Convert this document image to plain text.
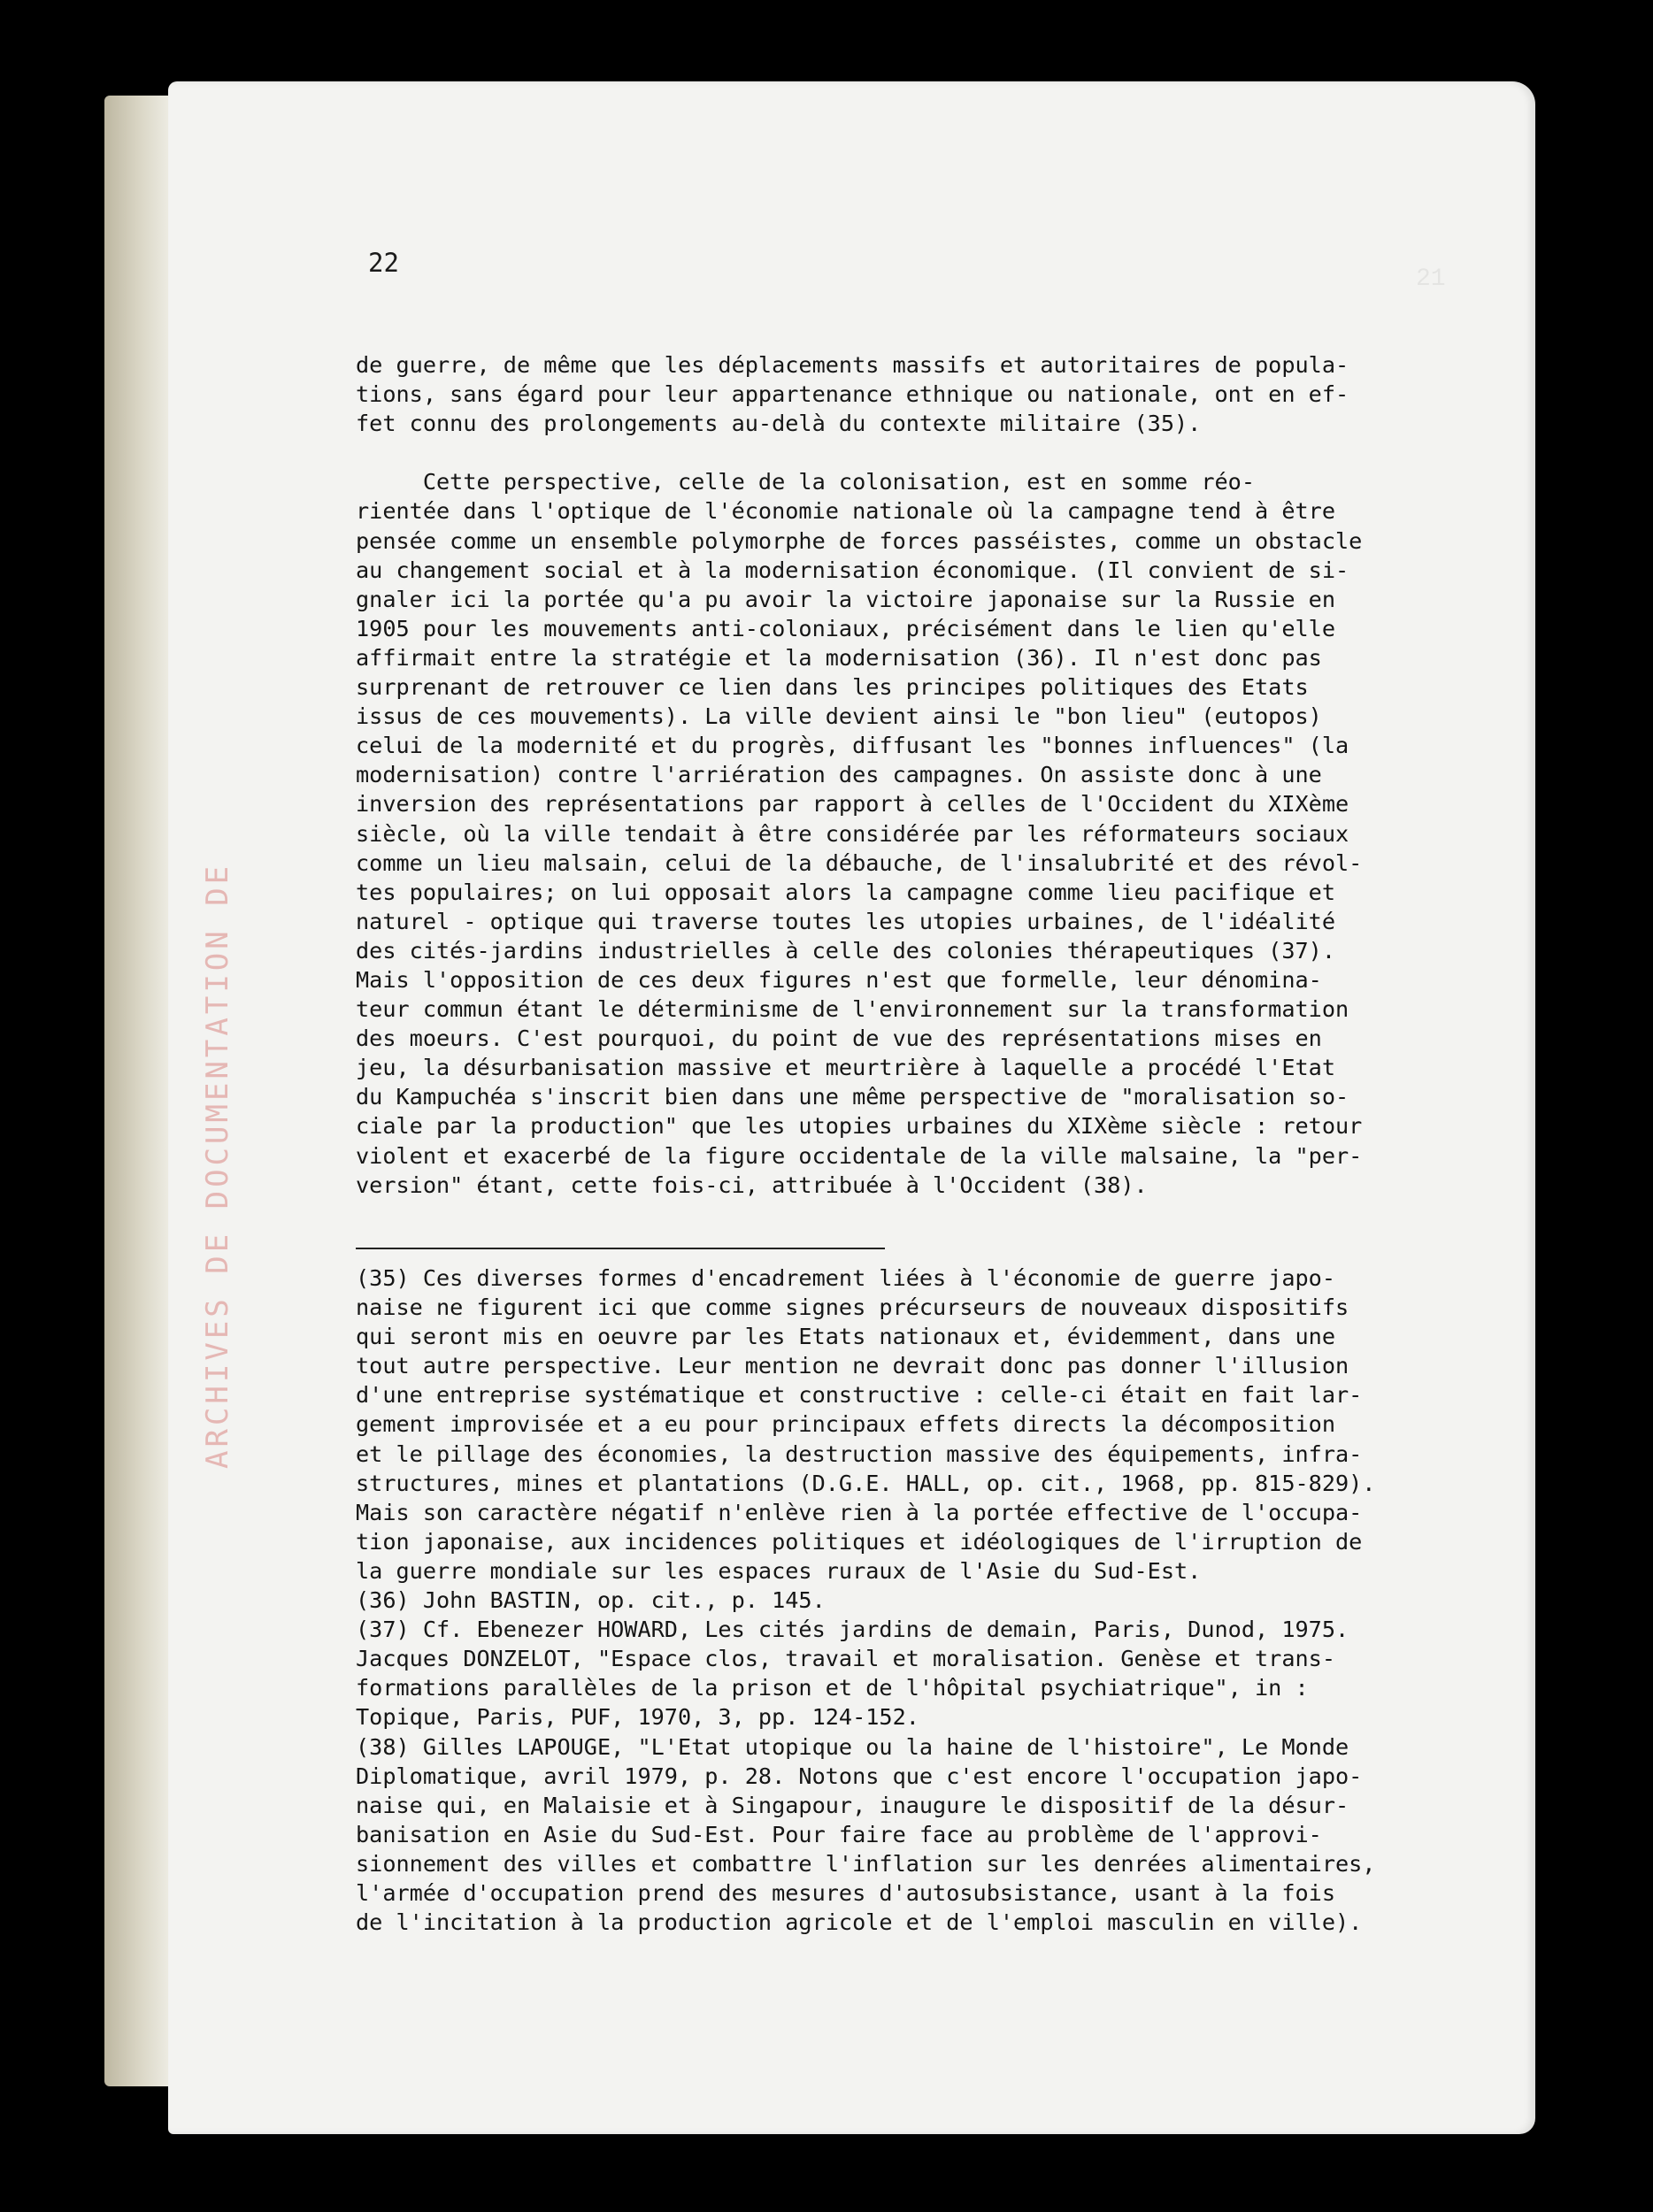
ARCHIVES DE DOCUMENTATION DE
21
22
de guerre, de même que les déplacements massifs et autoritaires de popula-
tions, sans égard pour leur appartenance ethnique ou nationale, ont en ef-
fet connu des prolongements au-delà du contexte militaire (35).

Cette perspective, celle de la colonisation, est en somme réo-
rientée dans l'optique de l'économie nationale où la campagne tend à être
pensée comme un ensemble polymorphe de forces passéistes, comme un obstacle
au changement social et à la modernisation économique. (Il convient de si-
gnaler ici la portée qu'a pu avoir la victoire japonaise sur la Russie en
1905 pour les mouvements anti-coloniaux, précisément dans le lien qu'elle
affirmait entre la stratégie et la modernisation (36). Il n'est donc pas
surprenant de retrouver ce lien dans les principes politiques des Etats
issus de ces mouvements). La ville devient ainsi le "bon lieu" (eutopos)
celui de la modernité et du progrès, diffusant les "bonnes influences" (la
modernisation) contre l'arriération des campagnes. On assiste donc à une
inversion des représentations par rapport à celles de l'Occident du XIXème
siècle, où la ville tendait à être considérée par les réformateurs sociaux
comme un lieu malsain, celui de la débauche, de l'insalubrité et des révol-
tes populaires; on lui opposait alors la campagne comme lieu pacifique et
naturel - optique qui traverse toutes les utopies urbaines, de l'idéalité
des cités-jardins industrielles à celle des colonies thérapeutiques (37).
Mais l'opposition de ces deux figures n'est que formelle, leur dénomina-
teur commun étant le déterminisme de l'environnement sur la transformation
des moeurs. C'est pourquoi, du point de vue des représentations mises en
jeu, la désurbanisation massive et meurtrière à laquelle a procédé l'Etat
du Kampuchéa s'inscrit bien dans une même perspective de "moralisation so-
ciale par la production" que les utopies urbaines du XIXème siècle : retour
violent et exacerbé de la figure occidentale de la ville malsaine, la "per-
version" étant, cette fois-ci, attribuée à l'Occident (38).
(35) Ces diverses formes d'encadrement liées à l'économie de guerre japo-
naise ne figurent ici que comme signes précurseurs de nouveaux dispositifs
qui seront mis en oeuvre par les Etats nationaux et, évidemment, dans une
tout autre perspective. Leur mention ne devrait donc pas donner l'illusion
d'une entreprise systématique et constructive : celle-ci était en fait lar-
gement improvisée et a eu pour principaux effets directs la décomposition
et le pillage des économies, la destruction massive des équipements, infra-
structures, mines et plantations (D.G.E. HALL, op. cit., 1968, pp. 815-829).
Mais son caractère négatif n'enlève rien à la portée effective de l'occupa-
tion japonaise, aux incidences politiques et idéologiques de l'irruption de
la guerre mondiale sur les espaces ruraux de l'Asie du Sud-Est.
(36) John BASTIN, op. cit., p. 145.
(37) Cf. Ebenezer HOWARD, Les cités jardins de demain, Paris, Dunod, 1975.
Jacques DONZELOT, "Espace clos, travail et moralisation. Genèse et trans-
formations parallèles de la prison et de l'hôpital psychiatrique", in :
Topique, Paris, PUF, 1970, 3, pp. 124-152.
(38) Gilles LAPOUGE, "L'Etat utopique ou la haine de l'histoire", Le Monde
Diplomatique, avril 1979, p. 28. Notons que c'est encore l'occupation japo-
naise qui, en Malaisie et à Singapour, inaugure le dispositif de la désur-
banisation en Asie du Sud-Est. Pour faire face au problème de l'approvi-
sionnement des villes et combattre l'inflation sur les denrées alimentaires,
l'armée d'occupation prend des mesures d'autosubsistance, usant à la fois
de l'incitation à la production agricole et de l'emploi masculin en ville).
